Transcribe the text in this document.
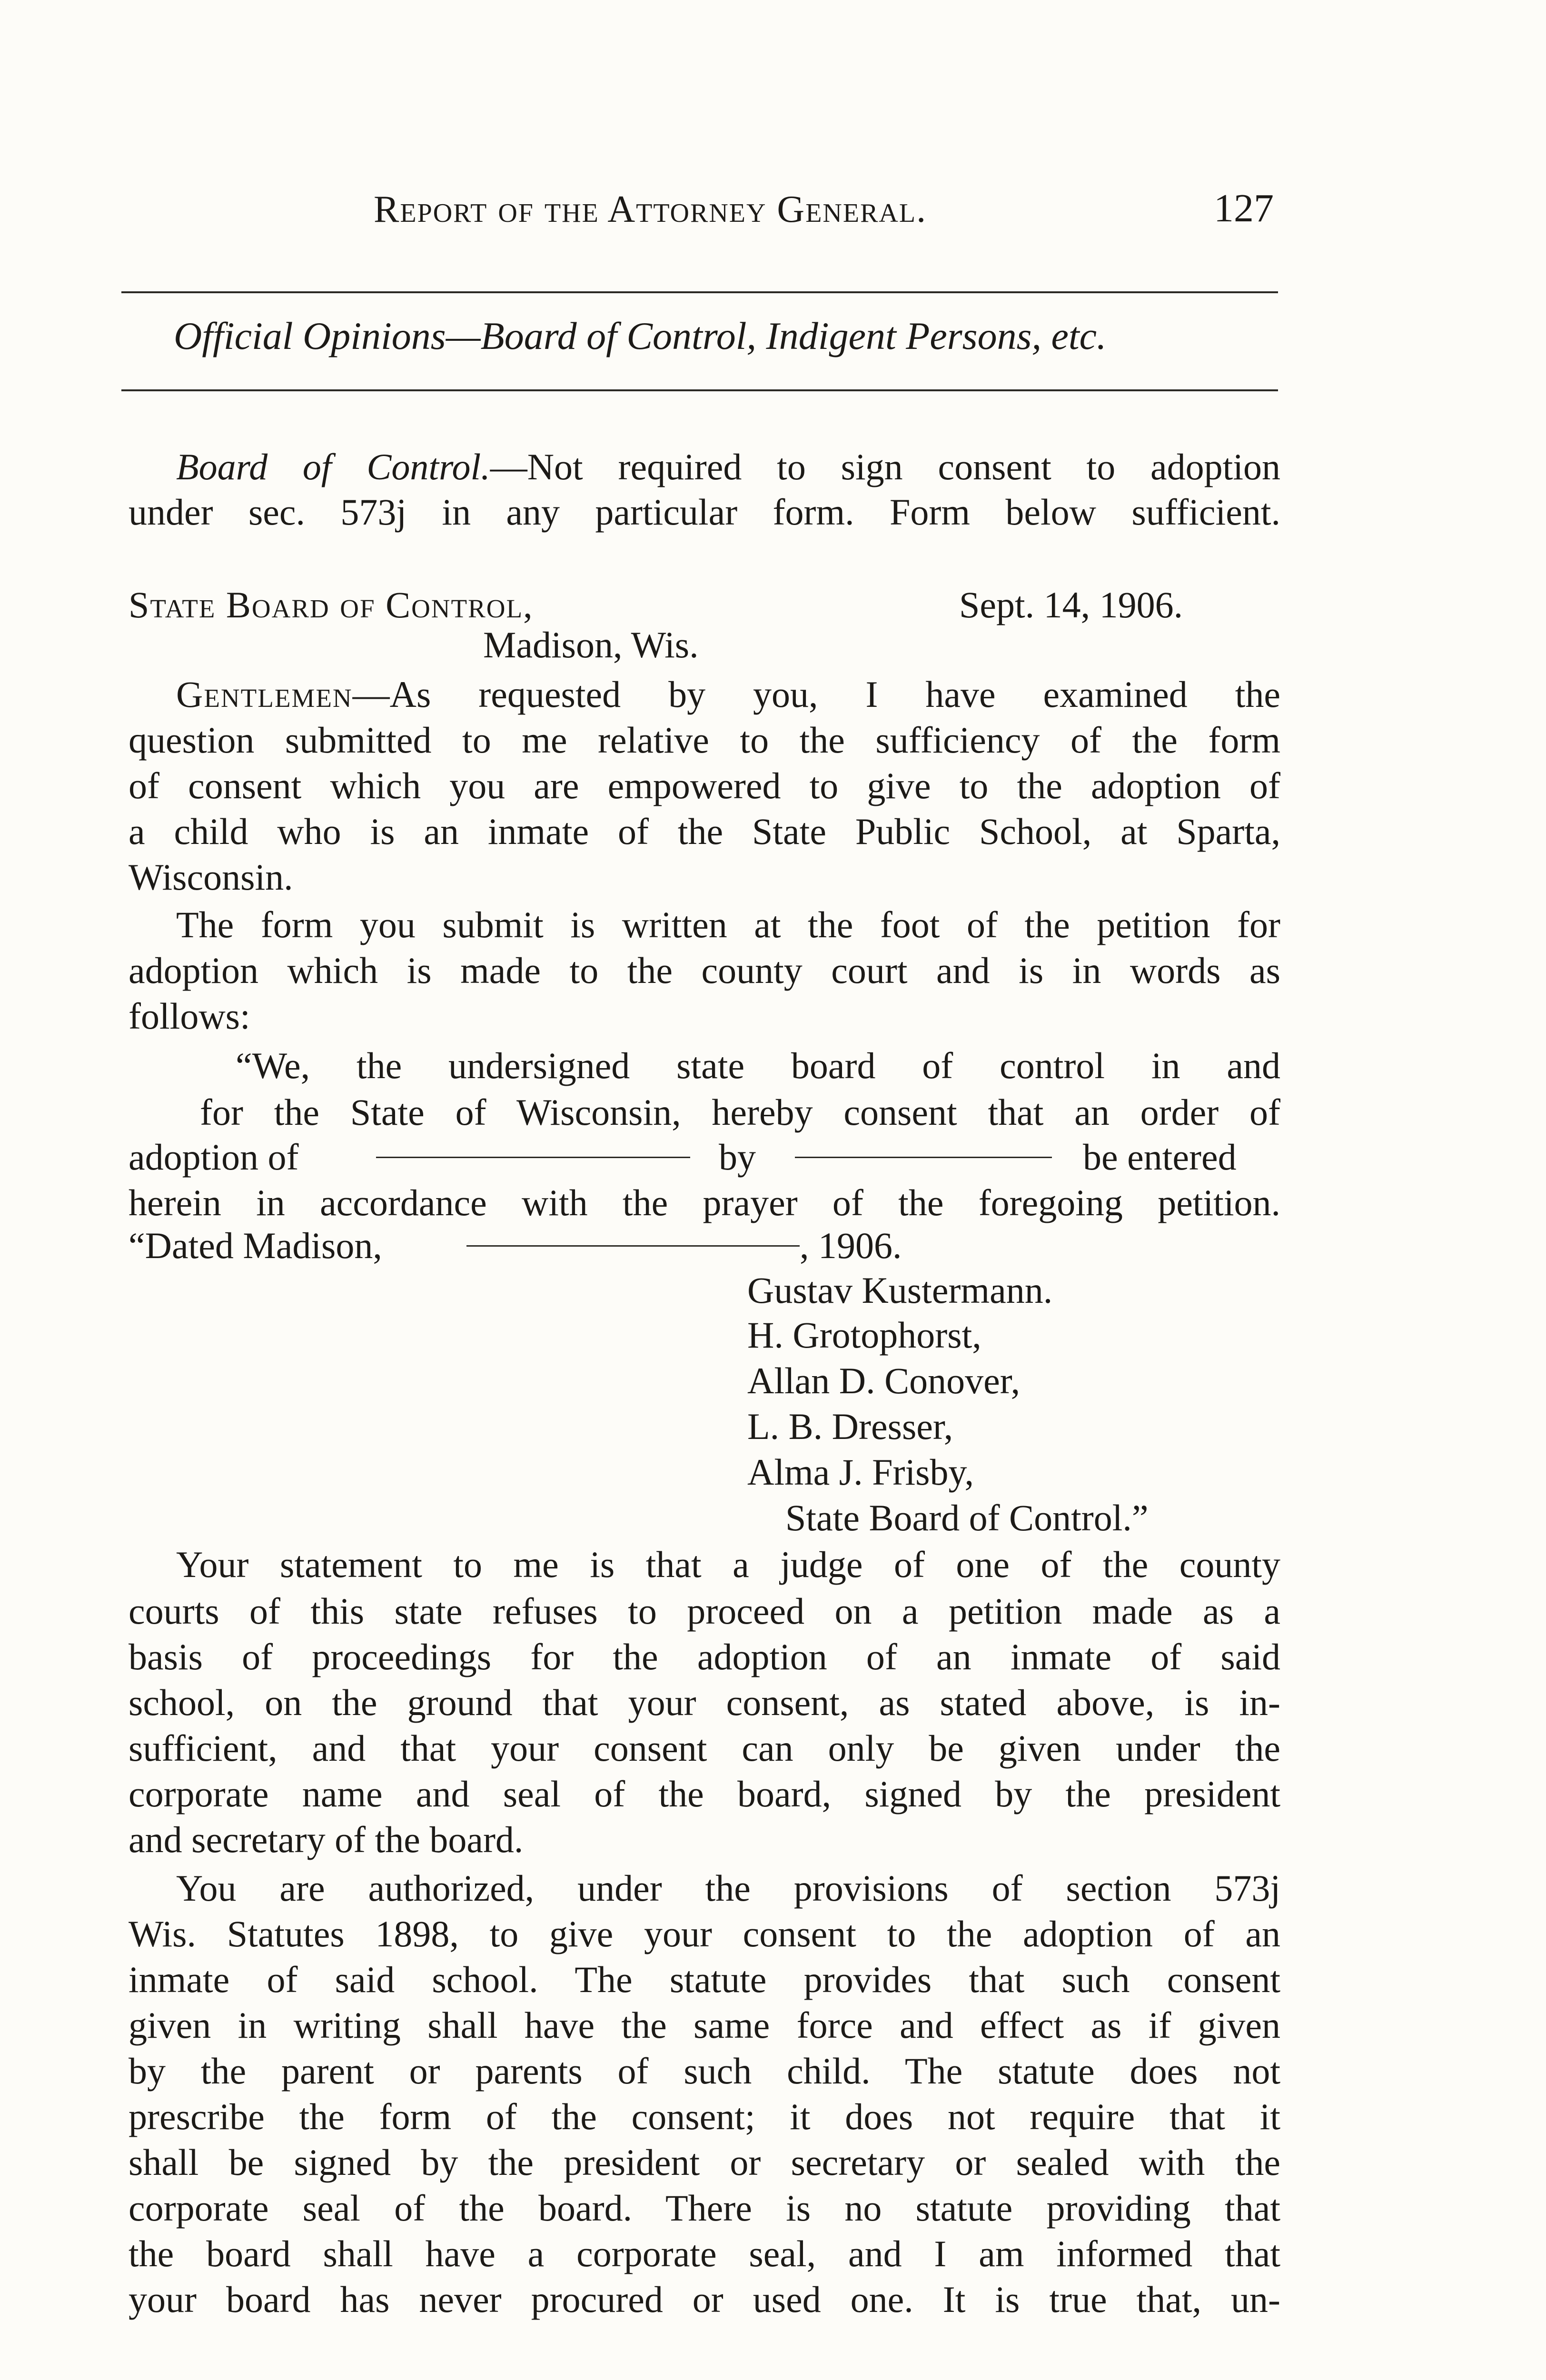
Report of the Attorney General.	127
Official Opinions—Board of Control, Indigent Persons, etc.
Board of Control.—Not required to sign consent to adoption
under sec. 573j in any particular form. Form below sufficient.
State Board of Control,	Sept. 14, 1906.
Madison, Wis.
Gentlemen—As requested by you, I have examined the
question submitted to me relative to the sufficiency of the form
of consent which you are empowered to give to the adoption of
a child who is an inmate of the State Public School, at Sparta,
Wisconsin.
The form you submit is written at the foot of the petition for
adoption which is made to the county court and is in words as
follows:
“We, the undersigned state board of control in and
for the State of Wisconsin, hereby consent that an order of
adoption of	by	be entered
herein in accordance with the prayer of the foregoing petition.
“Dated Madison,	, 1906.
Gustav Kustermann.
H. Grotophorst,
Allan D. Conover,
L. B. Dresser,
Alma J. Frisby,
State Board of Control.”
Your statement to me is that a judge of one of the county
courts of this state refuses to proceed on a petition made as a
basis of proceedings for the adoption of an inmate of said
school, on the ground that your consent, as stated above, is in-
sufficient, and that your consent can only be given under the
corporate name and seal of the board, signed by the president
and secretary of the board.
You are authorized, under the provisions of section 573j
Wis. Statutes 1898, to give your consent to the adoption of an
inmate of said school. The statute provides that such consent
given in writing shall have the same force and effect as if given
by the parent or parents of such child. The statute does not
prescribe the form of the consent; it does not require that it
shall be signed by the president or secretary or sealed with the
corporate seal of the board. There is no statute providing that
the board shall have a corporate seal, and I am informed that
your board has never procured or used one. It is true that, un-
